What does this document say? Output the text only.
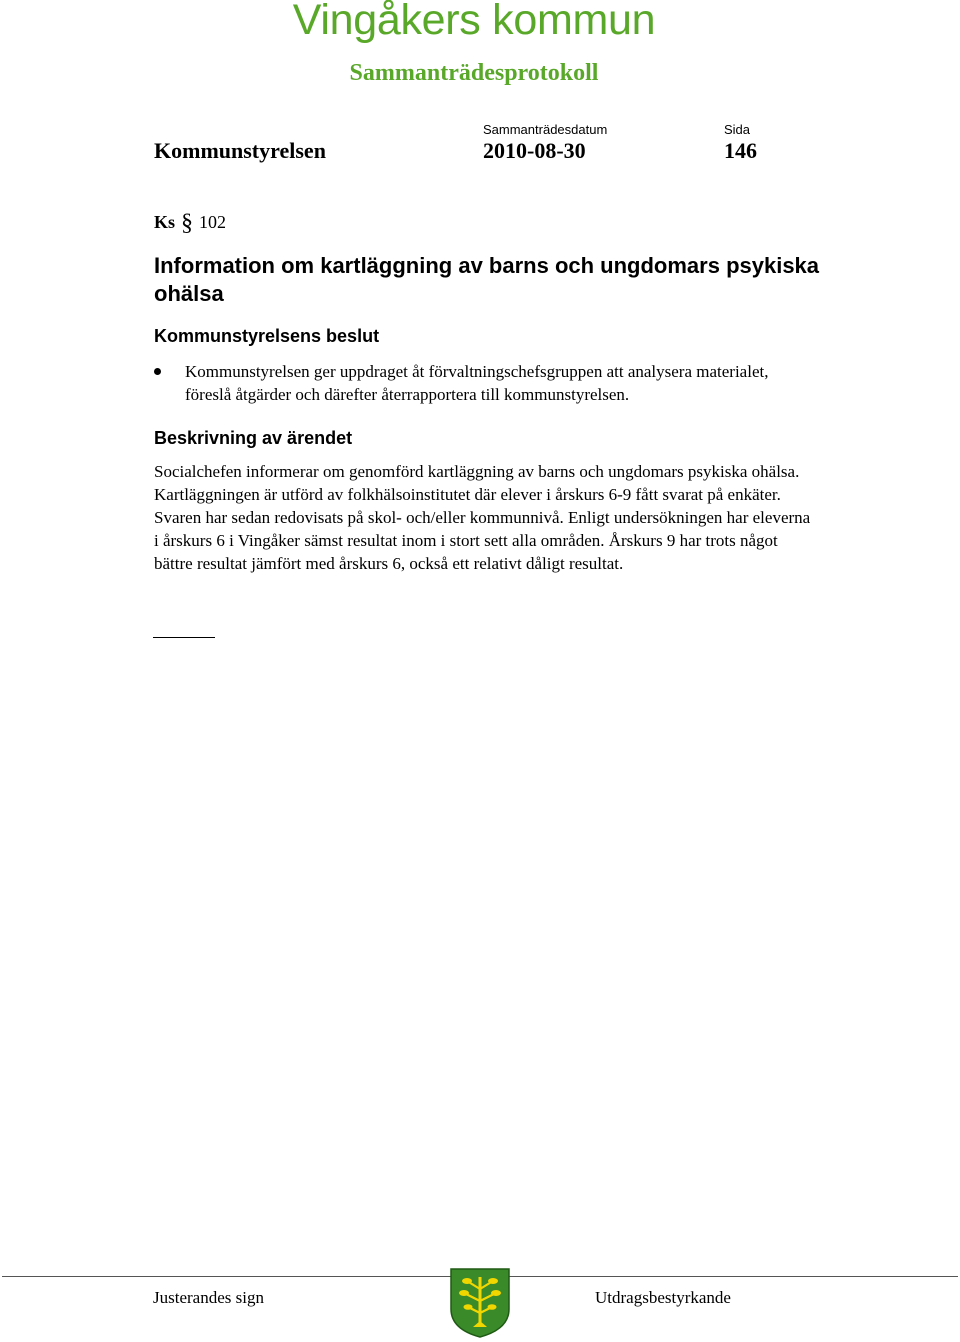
Vingåkers kommun
Sammanträdesprotokoll
Sammanträdesdatum	Sida
Kommunstyrelsen	2010-08-30	146
Ks § 102
Information om kartläggning av barns och ungdomars psykiska ohälsa
Kommunstyrelsens beslut
Kommunstyrelsen ger uppdraget åt förvaltningschefsgruppen att analysera materialet, föreslå åtgärder och därefter återrapportera till kommunstyrelsen.
Beskrivning av ärendet

Socialchefen informerar om genomförd kartläggning av barns och ungdomars psykiska ohälsa. Kartläggningen är utförd av folkhälsoinstitutet där elever i årskurs 6-9 fått svarat på enkäter. Svaren har sedan redovisats på skol- och/eller kommunnivå. Enligt undersökningen har eleverna i årskurs 6 i Vingåker sämst resultat inom i stort sett alla områden. Årskurs 9 har trots något bättre resultat jämfört med årskurs 6, också ett relativt dåligt resultat.

Justerandes sign	Utdragsbestyrkande
